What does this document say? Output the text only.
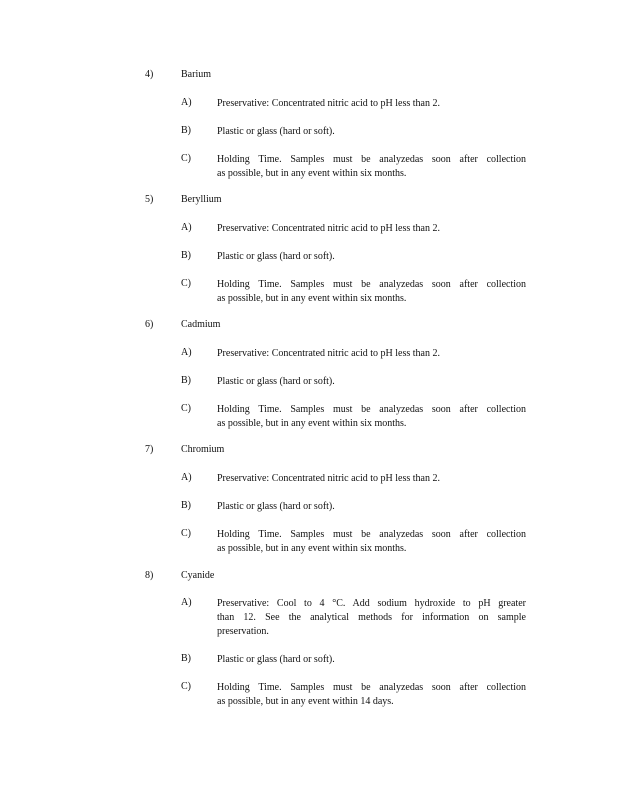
4)	Barium
A)	Preservative: Concentrated nitric acid to pH less than 2.
B)	Plastic or glass (hard or soft).
C)	Holding Time. Samples must be analyzedas soon after collection
as possible, but in any event within six months.
5)	Beryllium
A)	Preservative: Concentrated nitric acid to pH less than 2.
B)	Plastic or glass (hard or soft).
C)	Holding Time. Samples must be analyzedas soon after collection
as possible, but in any event within six months.
6)	Cadmium
A)	Preservative: Concentrated nitric acid to pH less than 2.
B)	Plastic or glass (hard or soft).
C)	Holding Time. Samples must be analyzedas soon after collection
as possible, but in any event within six months.
7)	Chromium
A)	Preservative: Concentrated nitric acid to pH less than 2.
B)	Plastic or glass (hard or soft).
C)	Holding Time. Samples must be analyzedas soon after collection
as possible, but in any event within six months.
8)	Cyanide
A)	Preservative: Cool to 4 °C. Add sodium hydroxide to pH greater
than 12. See the analytical methods for information on sample
preservation.
B)	Plastic or glass (hard or soft).
C)	Holding Time. Samples must be analyzedas soon after collection
as possible, but in any event within 14 days.
